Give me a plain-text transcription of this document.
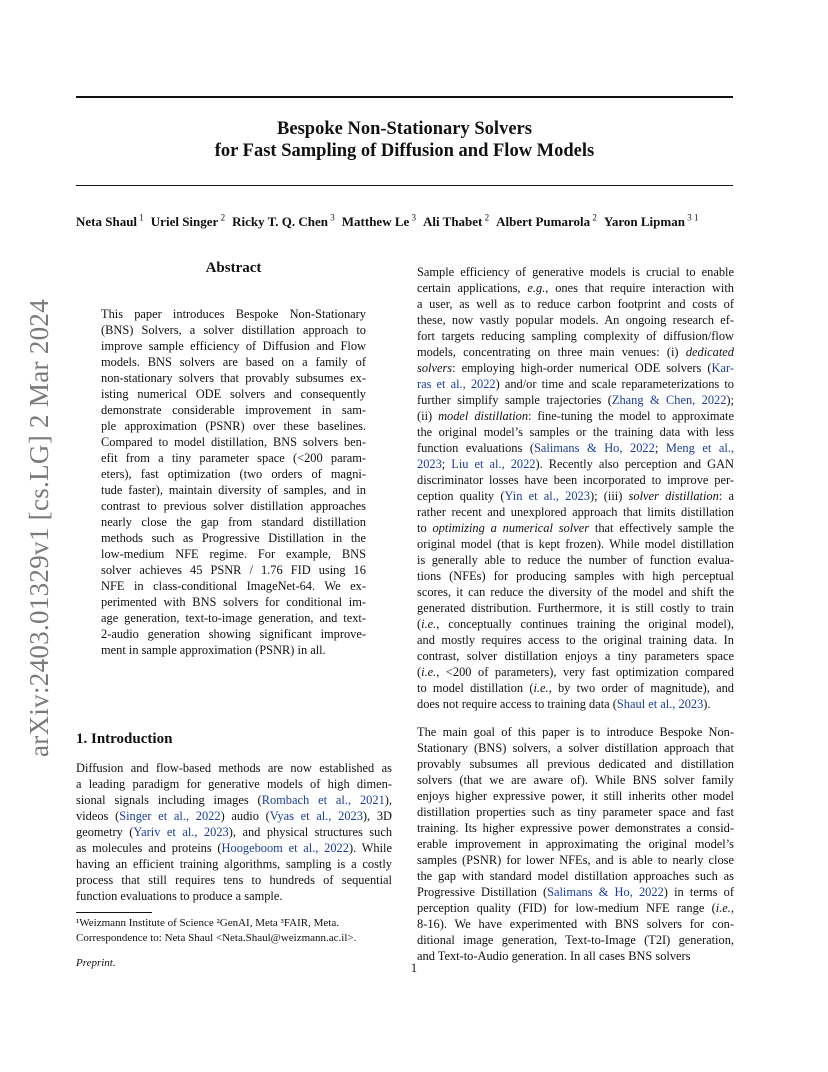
Bespoke Non-Stationary Solvers
for Fast Sampling of Diffusion and Flow Models
Neta Shaul $^1$ Uriel Singer $^2$ Ricky T. Q. Chen $^3$ Matthew Le $^3$ Ali Thabet $^2$ Albert Pumarola $^2$ Yaron Lipman $^{3 1}$
arXiv:2403.01329v1 [cs.LG] 2 Mar 2024
Abstract
This paper introduces Bespoke Non-Stationary
(BNS) Solvers, a solver distillation approach to
improve sample efficiency of Diffusion and Flow
models. BNS solvers are based on a family of
non-stationary solvers that provably subsumes ex-
isting numerical ODE solvers and consequently
demonstrate considerable improvement in sam-
ple approximation (PSNR) over these baselines.
Compared to model distillation, BNS solvers ben-
efit from a tiny parameter space (<200 param-
eters), fast optimization (two orders of magni-
tude faster), maintain diversity of samples, and in
contrast to previous solver distillation approaches
nearly close the gap from standard distillation
methods such as Progressive Distillation in the
low-medium NFE regime. For example, BNS
solver achieves 45 PSNR / 1.76 FID using 16
NFE in class-conditional ImageNet-64. We ex-
perimented with BNS solvers for conditional im-
age generation, text-to-image generation, and text-
2-audio generation showing significant improve-
ment in sample approximation (PSNR) in all.
1. Introduction
Diffusion and flow-based methods are now established as
a leading paradigm for generative models of high dimen-
sional signals including images (Rombach et al., 2021),
videos (Singer et al., 2022) audio (Vyas et al., 2023), 3D
geometry (Yariv et al., 2023), and physical structures such
as molecules and proteins (Hoogeboom et al., 2022). While
having an efficient training algorithms, sampling is a costly
process that still requires tens to hundreds of sequential
function evaluations to produce a sample.
¹Weizmann Institute of Science ²GenAI, Meta ³FAIR, Meta.
Correspondence to: Neta Shaul <Neta.Shaul@weizmann.ac.il>.
Preprint.
Sample efficiency of generative models is crucial to enable
certain applications, e.g., ones that require interaction with
a user, as well as to reduce carbon footprint and costs of
these, now vastly popular models. An ongoing research ef-
fort targets reducing sampling complexity of diffusion/flow
models, concentrating on three main venues: (i) dedicated
solvers: employing high-order numerical ODE solvers (Kar-
ras et al., 2022) and/or time and scale reparameterizations to
further simplify sample trajectories (Zhang & Chen, 2022);
(ii) model distillation: fine-tuning the model to approximate
the original model’s samples or the training data with less
function evaluations (Salimans & Ho, 2022; Meng et al.,
2023; Liu et al., 2022). Recently also perception and GAN
discriminator losses have been incorporated to improve per-
ception quality (Yin et al., 2023); (iii) solver distillation: a
rather recent and unexplored approach that limits distillation
to optimizing a numerical solver that effectively sample the
original model (that is kept frozen). While model distillation
is generally able to reduce the number of function evalua-
tions (NFEs) for producing samples with high perceptual
scores, it can reduce the diversity of the model and shift the
generated distribution. Furthermore, it is still costly to train
(i.e., conceptually continues training the original model),
and mostly requires access to the original training data. In
contrast, solver distillation enjoys a tiny parameters space
(i.e., <200 of parameters), very fast optimization compared
to model distillation (i.e., by two order of magnitude), and
does not require access to training data (Shaul et al., 2023).
The main goal of this paper is to introduce Bespoke Non-
Stationary (BNS) solvers, a solver distillation approach that
provably subsumes all previous dedicated and distillation
solvers (that we are aware of). While BNS solver family
enjoys higher expressive power, it still inherits other model
distillation properties such as tiny parameter space and fast
training. Its higher expressive power demonstrates a consid-
erable improvement in approximating the original model’s
samples (PSNR) for lower NFEs, and is able to nearly close
the gap with standard model distillation approaches such as
Progressive Distillation (Salimans & Ho, 2022) in terms of
perception quality (FID) for low-medium NFE range (i.e.,
8-16). We have experimented with BNS solvers for con-
ditional image generation, Text-to-Image (T2I) generation,
and Text-to-Audio generation. In all cases BNS solvers
1
